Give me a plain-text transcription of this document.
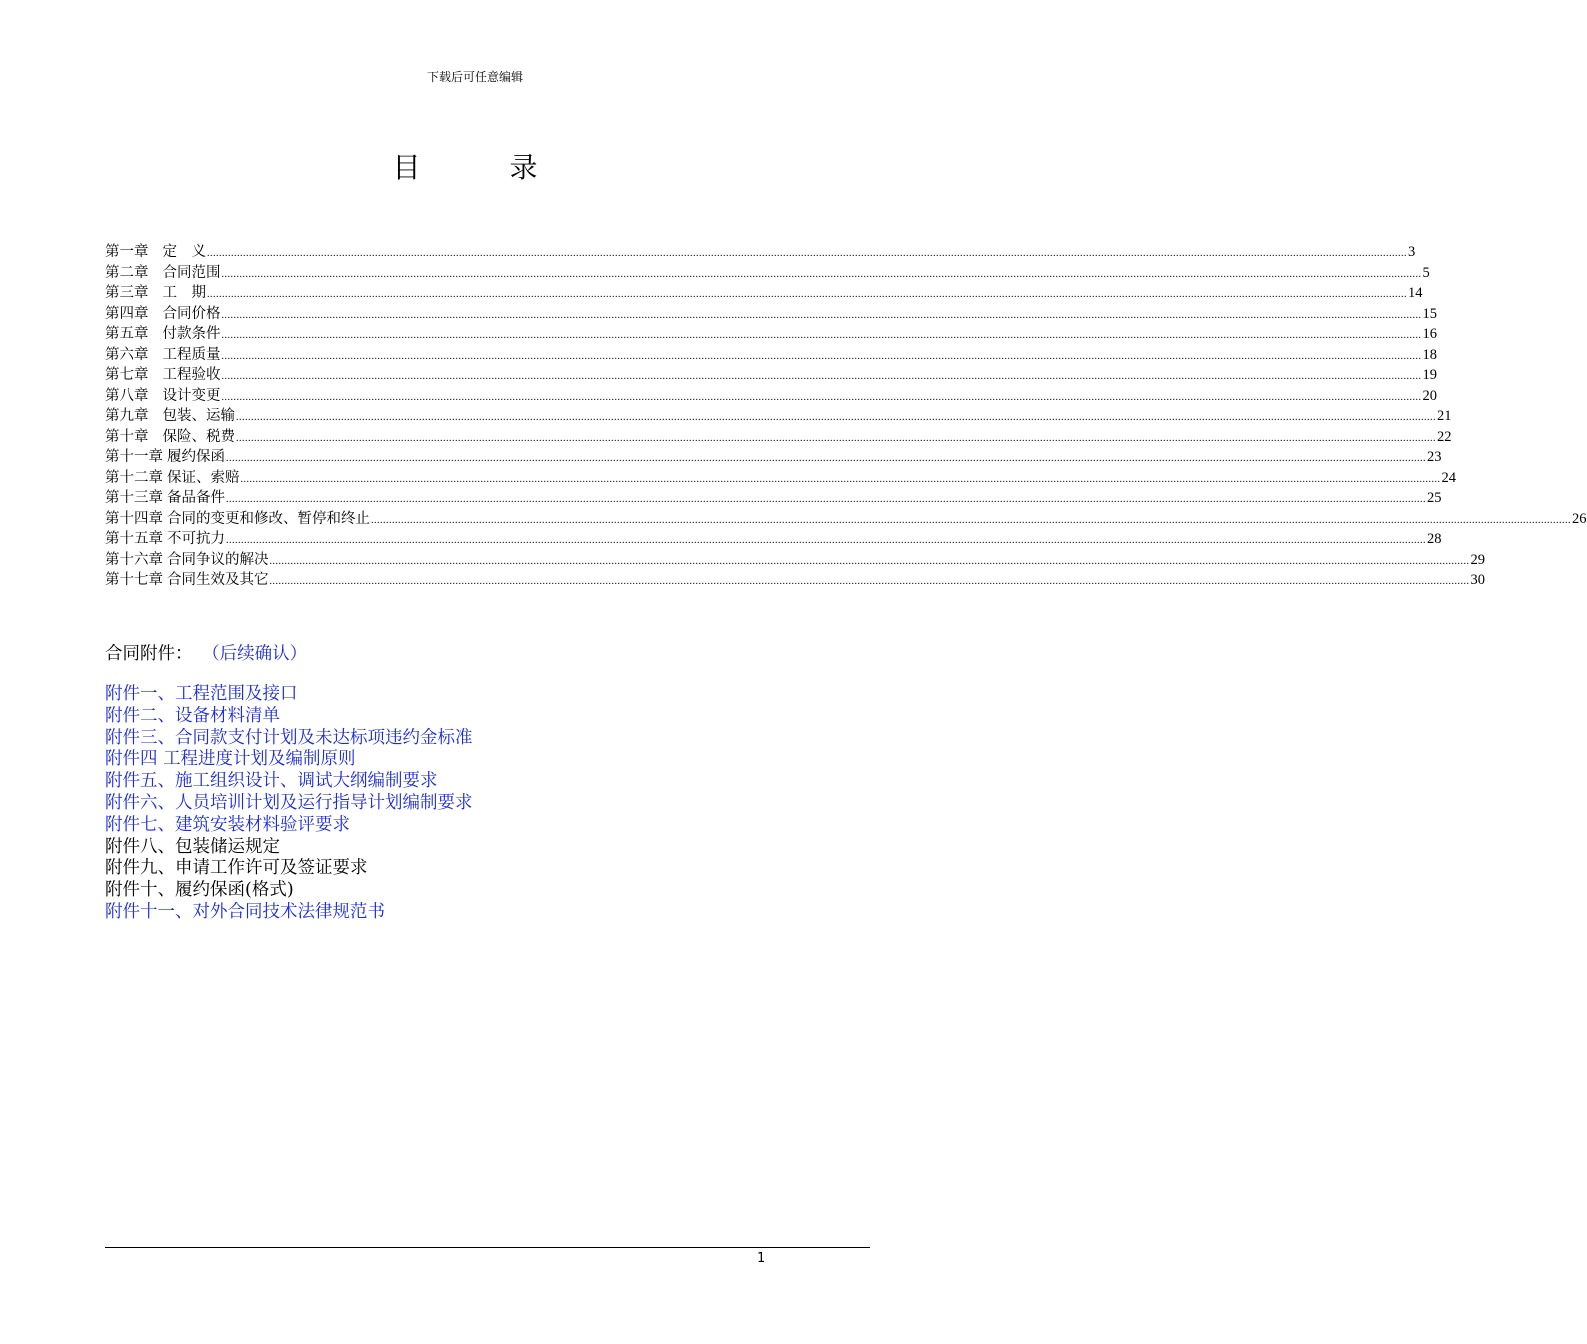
下载后可任意编辑
目 录
第一章 定　义 ................................................................................................................................................................................................................................................................................................................................................................................................................ 3
第二章 合同范围 ................................................................................................................................................................................................................................................................................................................................................................................................................ 5
第三章 工　期 ................................................................................................................................................................................................................................................................................................................................................................................................................ 14
第四章 合同价格 ................................................................................................................................................................................................................................................................................................................................................................................................................ 15
第五章 付款条件 ................................................................................................................................................................................................................................................................................................................................................................................................................ 16
第六章 工程质量 ................................................................................................................................................................................................................................................................................................................................................................................................................ 18
第七章 工程验收 ................................................................................................................................................................................................................................................................................................................................................................................................................ 19
第八章 设计变更 ................................................................................................................................................................................................................................................................................................................................................................................................................ 20
第九章 包装、运输 ................................................................................................................................................................................................................................................................................................................................................................................................................ 21
第十章 保险、税费 ................................................................................................................................................................................................................................................................................................................................................................................................................ 22
第十一章 履约保函 ................................................................................................................................................................................................................................................................................................................................................................................................................ 23
第十二章 保证、索赔 ................................................................................................................................................................................................................................................................................................................................................................................................................ 24
第十三章 备品备件 ................................................................................................................................................................................................................................................................................................................................................................................................................ 25
第十四章 合同的变更和修改、暂停和终止 ................................................................................................................................................................................................................................................................................................................................................................................................................ 26
第十五章 不可抗力 ................................................................................................................................................................................................................................................................................................................................................................................................................ 28
第十六章 合同争议的解决 ................................................................................................................................................................................................................................................................................................................................................................................................................ 29
第十七章 合同生效及其它 ................................................................................................................................................................................................................................................................................................................................................................................................................ 30
合同附件： （后续确认）
附件一、工程范围及接口
附件二、设备材料清单
附件三、合同款支付计划及未达标项违约金标准
附件四 工程进度计划及编制原则
附件五、施工组织设计、调试大纲编制要求
附件六、人员培训计划及运行指导计划编制要求
附件七、建筑安装材料验评要求
附件八、包装储运规定
附件九、申请工作许可及签证要求
附件十、履约保函(格式)
附件十一、对外合同技术法律规范书
1
